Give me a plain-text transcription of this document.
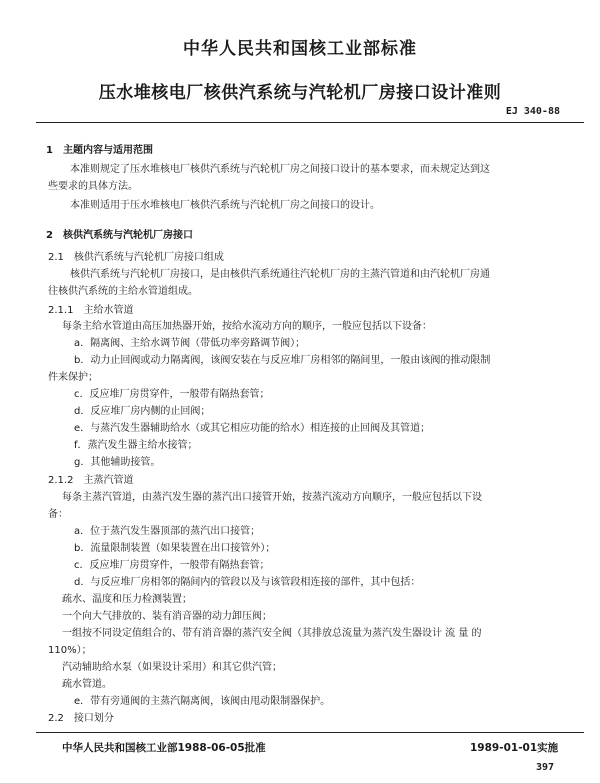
中华人民共和国核工业部标准
压水堆核电厂核供汽系统与汽轮机厂房接口设计准则
EJ 340-88
1　主题内容与适用范围
本准则规定了压水堆核电厂核供汽系统与汽轮机厂房之间接口设计的基本要求，而未规定达到这
些要求的具体方法。
本准则适用于压水堆核电厂核供汽系统与汽轮机厂房之间接口的设计。
2　核供汽系统与汽轮机厂房接口
2.1　核供汽系统与汽轮机厂房接口组成
核供汽系统与汽轮机厂房接口，是由核供汽系统通往汽轮机厂房的主蒸汽管道和由汽轮机厂房通
往核供汽系统的主给水管道组成。
2.1.1　主给水管道
每条主给水管道由高压加热器开始，按给水流动方向的顺序，一般应包括以下设备：
a．隔离阀、主给水调节阀（带低功率旁路调节阀）；
b．动力止回阀或动力隔离阀，该阀安装在与反应堆厂房相邻的隔间里，一般由该阀的推动限制
件来保护；
c．反应堆厂房贯穿件，一般带有隔热套管；
d．反应堆厂房内侧的止回阀；
e．与蒸汽发生器辅助给水（或其它相应功能的给水）相连接的止回阀及其管道；
f．蒸汽发生器主给水接管；
g．其他辅助接管。
2.1.2　主蒸汽管道
每条主蒸汽管道，由蒸汽发生器的蒸汽出口接管开始，按蒸汽流动方向顺序，一般应包括以下设
备：
a．位于蒸汽发生器顶部的蒸汽出口接管；
b．流量限制装置（如果装置在出口接管外）；
c．反应堆厂房贯穿件，一般带有隔热套管；
d．与反应堆厂房相邻的隔间内的管段以及与该管段相连接的部件，其中包括：
疏水、温度和压力检测装置；
一个向大气排放的、装有消音器的动力卸压阀；
一组按不同设定值组合的、带有消音器的蒸汽安全阀（其排放总流量为蒸汽发生器设计 流 量 的
110%）；
汽动辅助给水泵（如果设计采用）和其它供汽管；
疏水管道。
e．带有旁通阀的主蒸汽隔离阀，该阀由甩动限制器保护。
2.2　接口划分
中华人民共和国核工业部1988-06-05批准	1989-01-01实施
397
